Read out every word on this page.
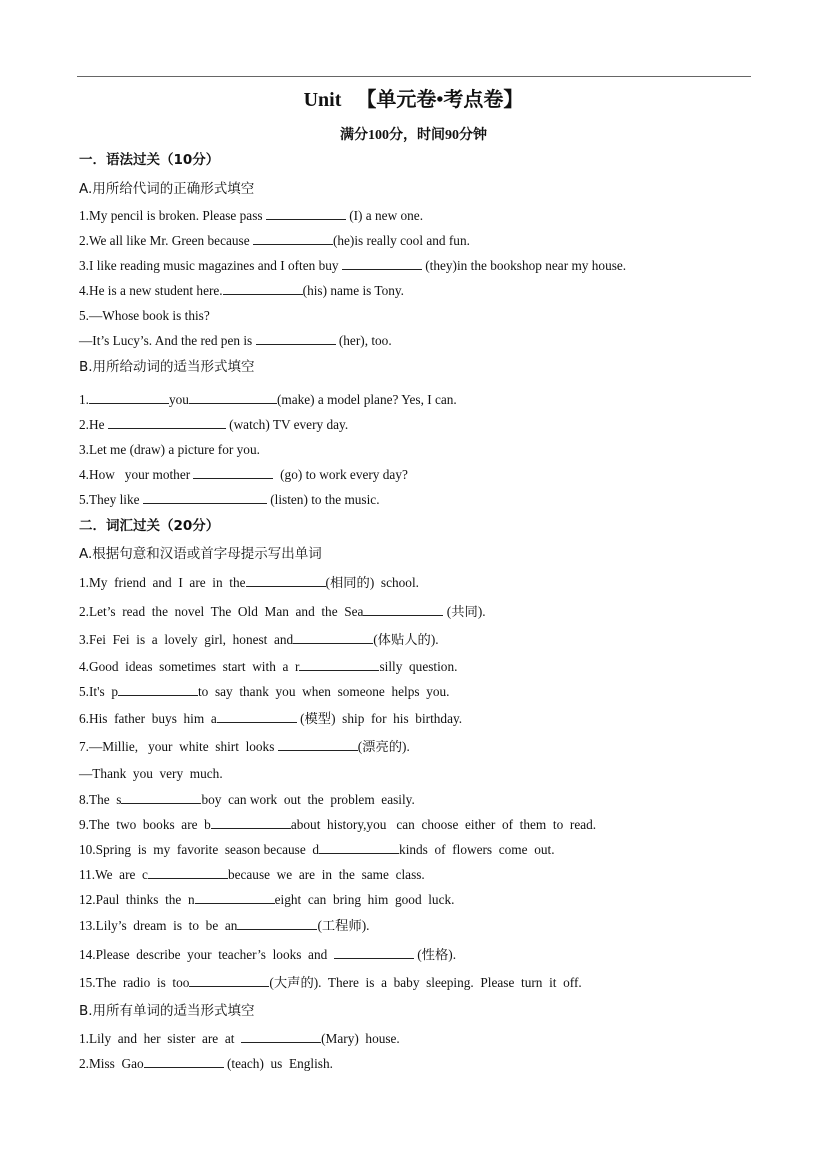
Unit 【单元卷•考点卷】
满分100分，时间90分钟
一．语法过关（10分）
A.用所给代词的正确形式填空
1.My pencil is broken. Please pass	(I) a new one.
2.We all like Mr. Green because	(he)is really cool and fun.
3.I like reading music magazines and I often buy	(they)in the bookshop near my house.
4.He is a new student here.	(his) name is Tony.
5.—Whose book is this?
—It’s Lucy’s. And the red pen is	(her), too.
B.用所给动词的适当形式填空
1.	you	(make) a model plane? Yes, I can.
2.He	(watch) TV every day.
3.Let me (draw) a picture for you.
4.How   your mother	(go) to work every day?
5.They like	(listen) to the music.
二．词汇过关（20分）
A.根据句意和汉语或首字母提示写出单词
1.My  friend  and  I  are  in  the	(相同的)  school.
2.Let’s  read  the  novel  The  Old  Man  and  the  Sea	(共同).
3.Fei  Fei  is  a  lovely  girl,  honest  and	(体贴人的).
4.Good  ideas  sometimes  start  with  a  r	silly  question.
5.It's  p	to  say  thank  you  when  someone  helps  you.
6.His  father  buys  him  a	(模型)  ship  for  his  birthday.
7.—Millie,   your  white  shirt  looks	(漂亮的).
—Thank  you  very  much.
8.The  s	boy  can work  out  the  problem  easily.
9.The  two  books  are  b	about  history,you   can  choose  either  of  them  to  read.
10.Spring  is  my  favorite  season because  d	kinds  of  flowers  come  out.
11.We  are  c	because  we  are  in  the  same  class.
12.Paul  thinks  the  n	eight  can  bring  him  good  luck.
13.Lily’s  dream  is  to  be  an	(工程师).
14.Please  describe  your  teacher’s  looks  and	(性格).
15.The  radio  is  too	(大声的).  There  is  a  baby  sleeping.  Please  turn  it  off.
B.用所有单词的适当形式填空
1.Lily  and  her  sister  are  at	(Mary)  house.
2.Miss  Gao	(teach)  us  English.
